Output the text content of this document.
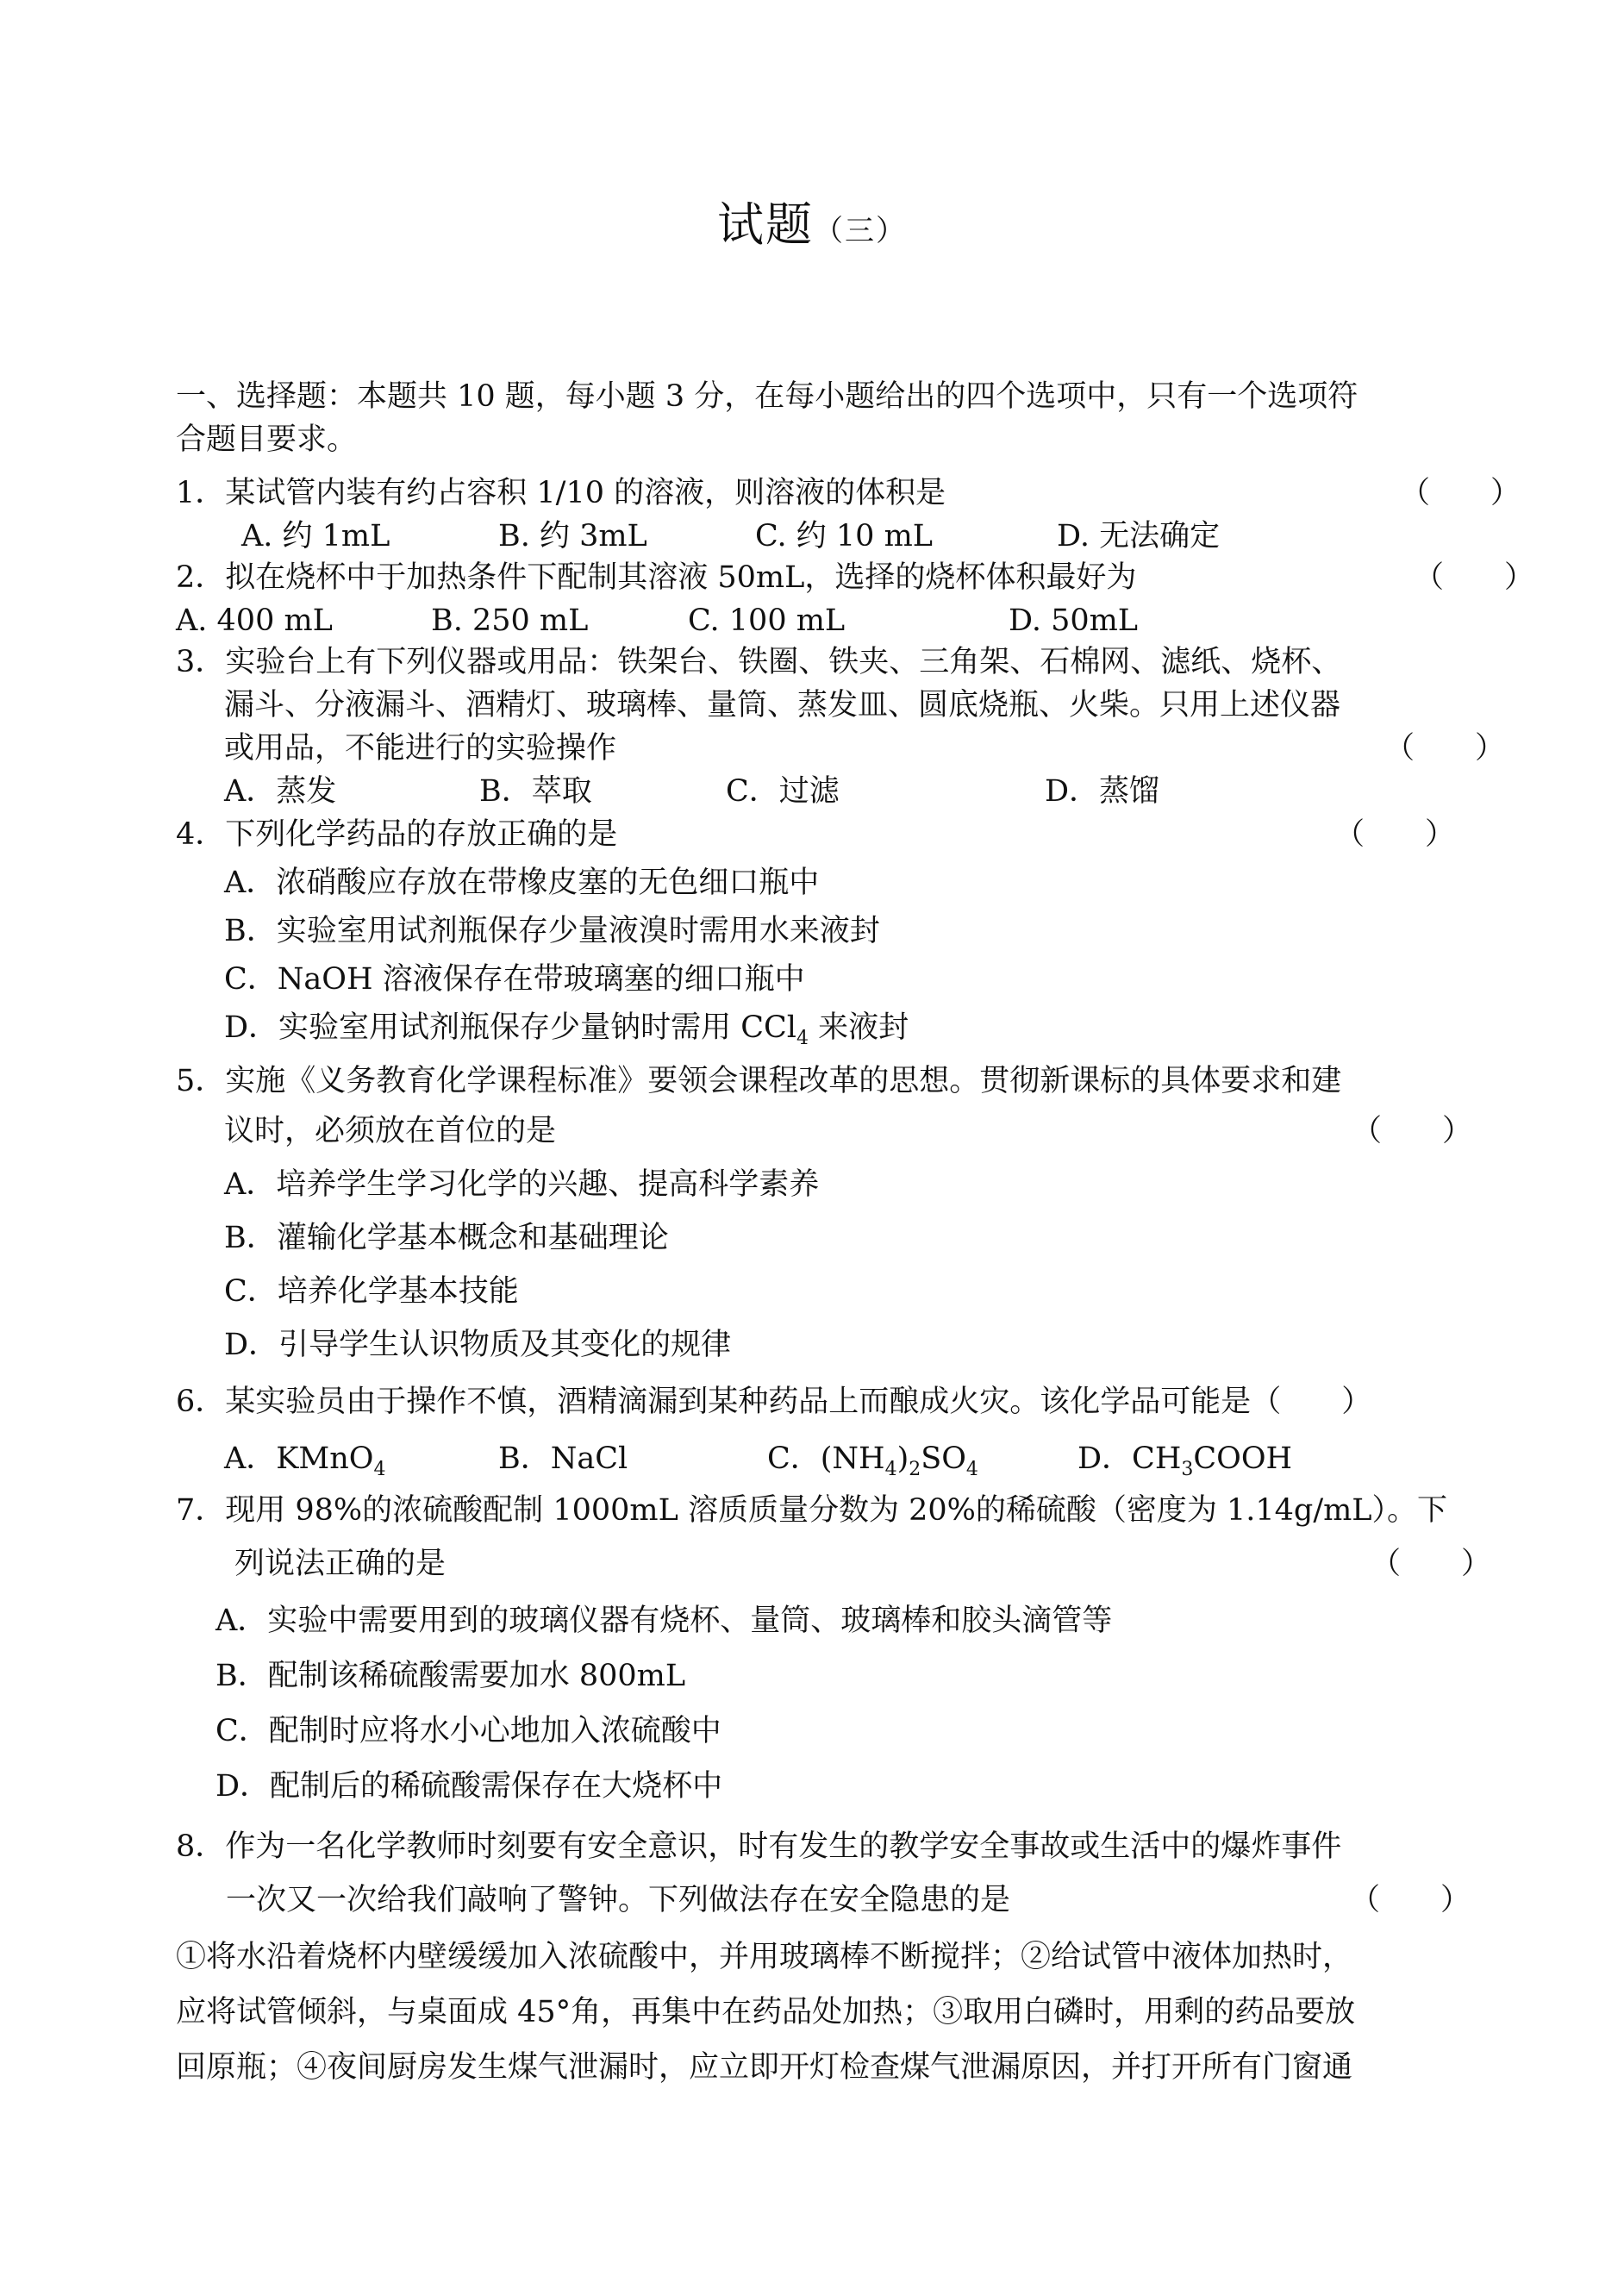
试题（三）
一、选择题：本题共 10 题，每小题 3 分，在每小题给出的四个选项中，只有一个选项符
合题目要求。
1．某试管内装有约占容积 1/10 的溶液，则溶液的体积是	（　　）
A. 约 1mL	B. 约 3mL	C. 约 10 mL	D. 无法确定
2．拟在烧杯中于加热条件下配制其溶液 50mL，选择的烧杯体积最好为	（　　）
A. 400 mL	B. 250 mL	C. 100 mL	D. 50mL
3．实验台上有下列仪器或用品：铁架台、铁圈、铁夹、三角架、石棉网、滤纸、烧杯、
漏斗、分液漏斗、酒精灯、玻璃棒、量筒、蒸发皿、圆底烧瓶、火柴。只用上述仪器
或用品，不能进行的实验操作	（　　）
A．蒸发	B．萃取	C．过滤	D．蒸馏
4．下列化学药品的存放正确的是	（　　）
A．浓硝酸应存放在带橡皮塞的无色细口瓶中
B．实验室用试剂瓶保存少量液溴时需用水来液封
C．NaOH 溶液保存在带玻璃塞的细口瓶中
D．实验室用试剂瓶保存少量钠时需用 CCl$_4$ 来液封
5．实施《义务教育化学课程标准》要领会课程改革的思想。贯彻新课标的具体要求和建
议时，必须放在首位的是	（　　）
A．培养学生学习化学的兴趣、提高科学素养
B．灌输化学基本概念和基础理论
C．培养化学基本技能
D．引导学生认识物质及其变化的规律
6．某实验员由于操作不慎，酒精滴漏到某种药品上而酿成火灾。该化学品可能是（　　）
A．KMnO$_4$	B．NaCl	C．$(NH_4)_2SO_4$	D．$CH_3COOH$
7．现用 98%的浓硫酸配制 1000mL 溶质质量分数为 20%的稀硫酸（密度为 1.14g/mL）。下
列说法正确的是	（　　）
A．实验中需要用到的玻璃仪器有烧杯、量筒、玻璃棒和胶头滴管等
B．配制该稀硫酸需要加水 800mL
C．配制时应将水小心地加入浓硫酸中
D．配制后的稀硫酸需保存在大烧杯中
8．作为一名化学教师时刻要有安全意识，时有发生的教学安全事故或生活中的爆炸事件
一次又一次给我们敲响了警钟。下列做法存在安全隐患的是	（　　）
①将水沿着烧杯内壁缓缓加入浓硫酸中，并用玻璃棒不断搅拌；②给试管中液体加热时，
应将试管倾斜，与桌面成 45°角，再集中在药品处加热；③取用白磷时，用剩的药品要放
回原瓶；④夜间厨房发生煤气泄漏时，应立即开灯检查煤气泄漏原因，并打开所有门窗通
